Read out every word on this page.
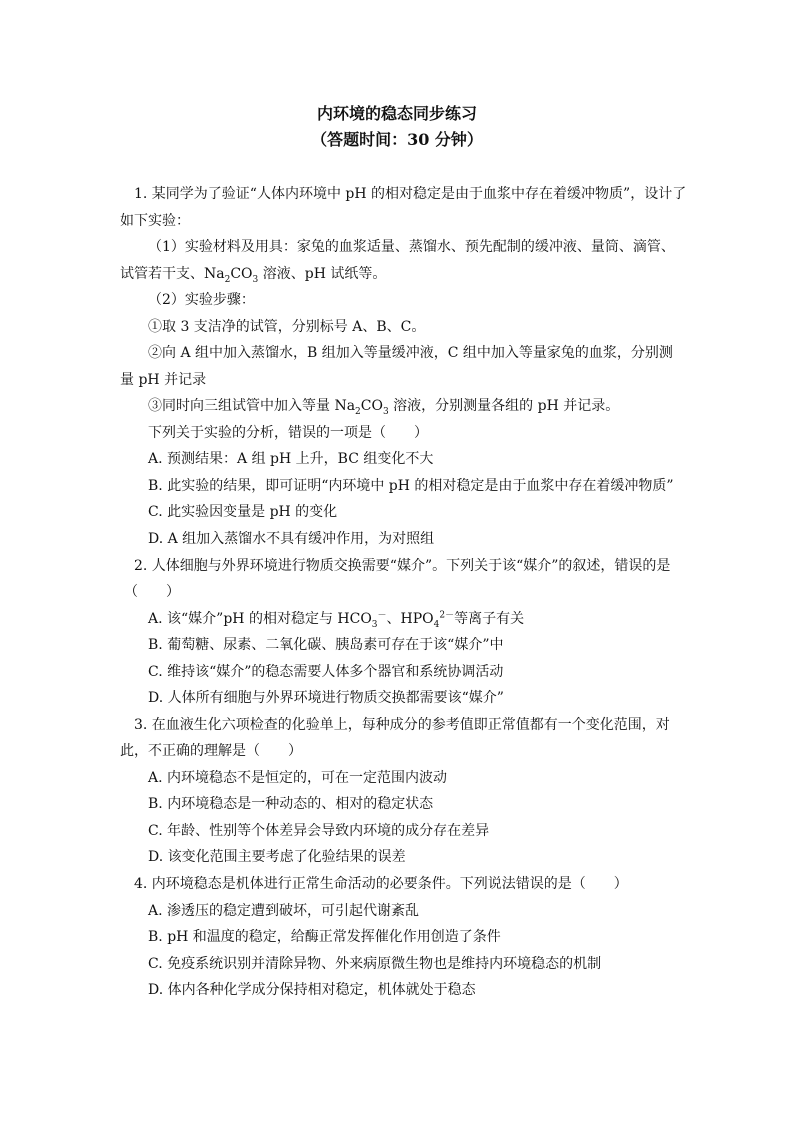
内环境的稳态同步练习
（答题时间：30 分钟）
1. 某同学为了验证“人体内环境中 pH 的相对稳定是由于血浆中存在着缓冲物质”，设计了
如下实验：
（1）实验材料及用具：家兔的血浆适量、蒸馏水、预先配制的缓冲液、量筒、滴管、
试管若干支、$Na_2CO_3$ 溶液、pH 试纸等。
（2）实验步骤：
①取 3 支洁净的试管，分别标号 A、B、C。
②向 A 组中加入蒸馏水，B 组加入等量缓冲液，C 组中加入等量家兔的血浆，分别测
量 pH 并记录
③同时向三组试管中加入等量 $Na_2CO_3$ 溶液，分别测量各组的 pH 并记录。
下列关于实验的分析，错误的一项是（　　）
A. 预测结果：A 组 pH 上升，BC 组变化不大
B. 此实验的结果，即可证明“内环境中 pH 的相对稳定是由于血浆中存在着缓冲物质”
C. 此实验因变量是 pH 的变化
D. A 组加入蒸馏水不具有缓冲作用，为对照组
2. 人体细胞与外界环境进行物质交换需要“媒介”。下列关于该“媒介”的叙述，错误的是
（　　）
A. 该“媒介”pH 的相对稳定与 $HCO_3^-$、$HPO_4^{2-}$等离子有关
B. 葡萄糖、尿素、二氧化碳、胰岛素可存在于该“媒介”中
C. 维持该“媒介”的稳态需要人体多个器官和系统协调活动
D. 人体所有细胞与外界环境进行物质交换都需要该“媒介”
3. 在血液生化六项检查的化验单上，每种成分的参考值即正常值都有一个变化范围，对
此，不正确的理解是（　　）
A. 内环境稳态不是恒定的，可在一定范围内波动
B. 内环境稳态是一种动态的、相对的稳定状态
C. 年龄、性别等个体差异会导致内环境的成分存在差异
D. 该变化范围主要考虑了化验结果的误差
4. 内环境稳态是机体进行正常生命活动的必要条件。下列说法错误的是（　　）
A. 渗透压的稳定遭到破坏，可引起代谢紊乱
B. pH 和温度的稳定，给酶正常发挥催化作用创造了条件
C. 免疫系统识别并清除异物、外来病原微生物也是维持内环境稳态的机制
D. 体内各种化学成分保持相对稳定，机体就处于稳态
